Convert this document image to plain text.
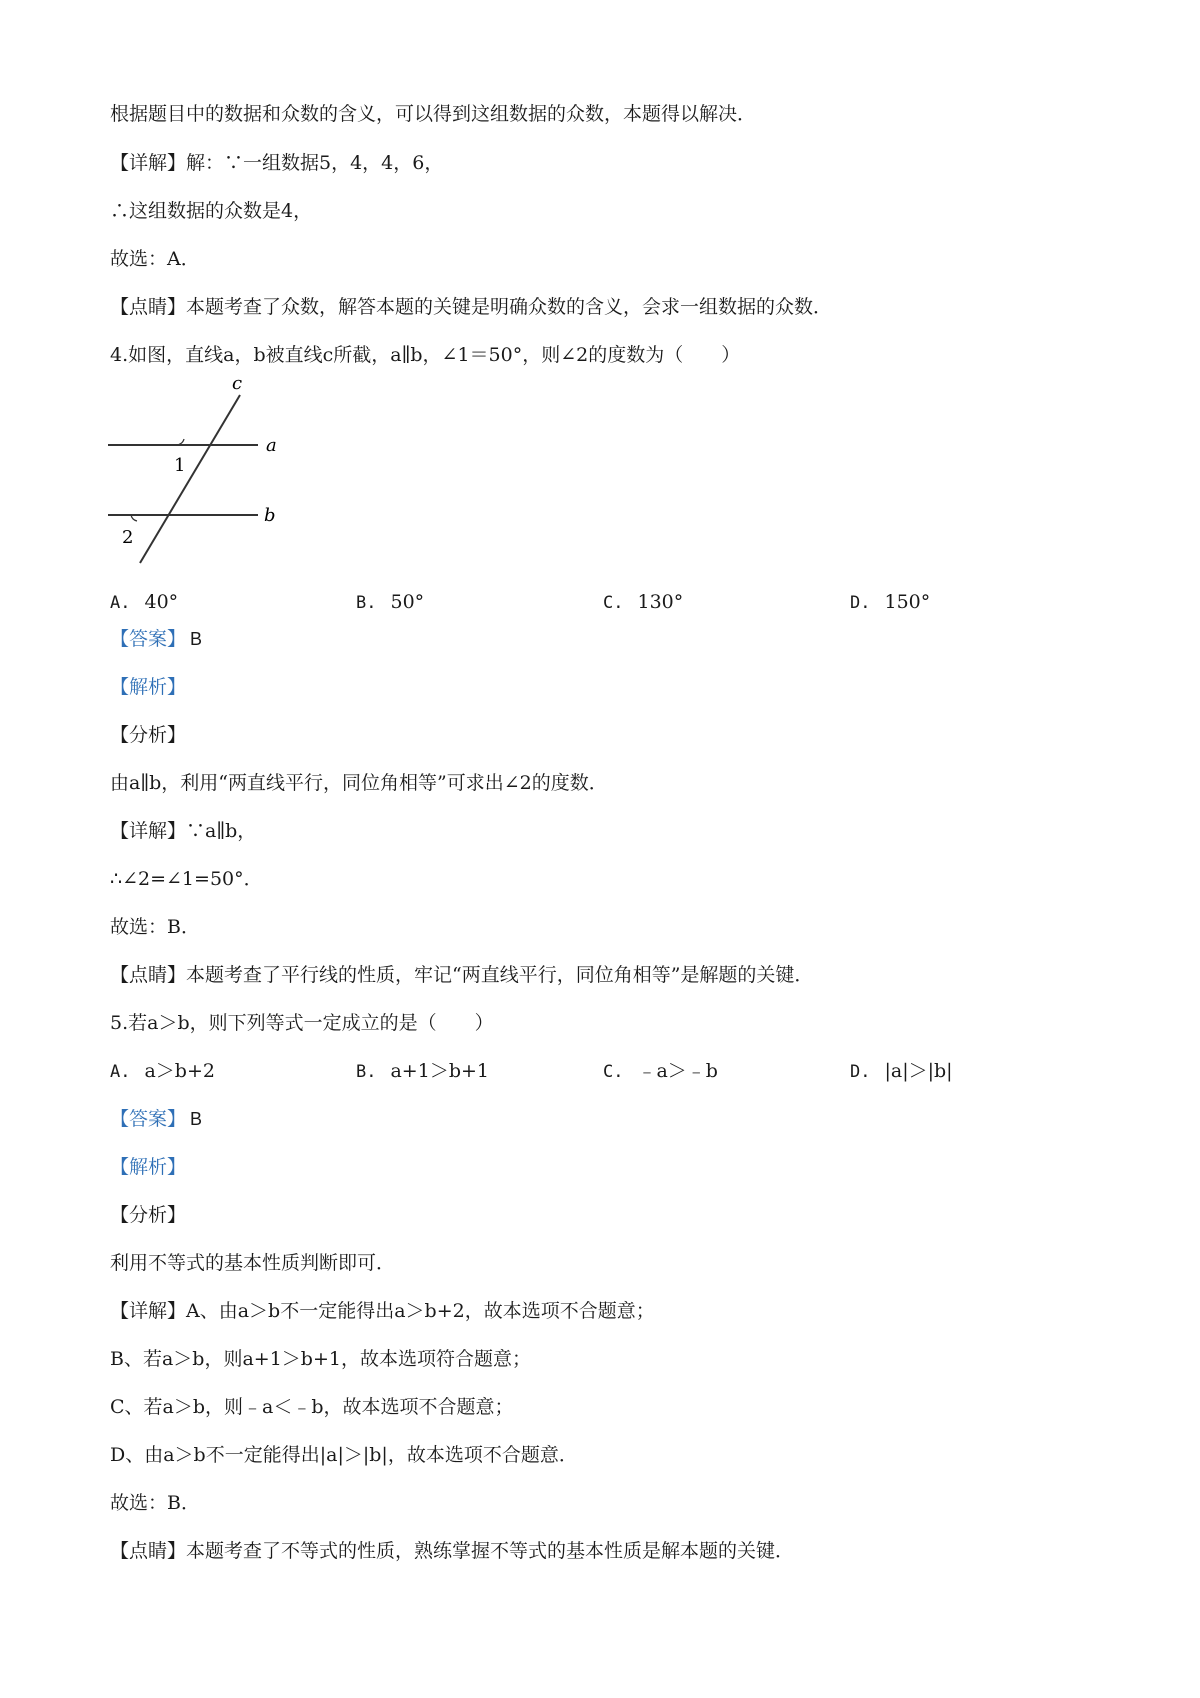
根据题目中的数据和众数的含义，可以得到这组数据的众数，本题得以解决．
【详解】解：∵一组数据5，4，4，6，
∴这组数据的众数是4，
故选：A．
【点睛】本题考查了众数，解答本题的关键是明确众数的含义，会求一组数据的众数．
4.如图，直线a，b被直线c所截，a∥b，∠1＝50°，则∠2的度数为（　　）
c
a
b
1
2
A. 40°	B. 50°	C. 130°	D. 150°
【答案】 B
【解析】
【分析】
由a∥b，利用“两直线平行，同位角相等”可求出∠2的度数．
【详解】∵a∥b，
∴∠2=∠1=50°．
故选：B．
【点睛】本题考查了平行线的性质，牢记“两直线平行，同位角相等”是解题的关键．
5.若a＞b，则下列等式一定成立的是（　　）
A. a＞b+2	B. a+1＞b+1	C. ﹣a＞﹣b	D. |a|＞|b|
【答案】 B
【解析】
【分析】
利用不等式的基本性质判断即可．
【详解】A、由a＞b不一定能得出a＞b+2，故本选项不合题意；
B、若a＞b，则a+1＞b+1，故本选项符合题意；
C、若a＞b，则﹣a＜﹣b，故本选项不合题意；
D、由a＞b不一定能得出|a|＞|b|，故本选项不合题意．
故选：B．
【点睛】本题考查了不等式的性质，熟练掌握不等式的基本性质是解本题的关键．
